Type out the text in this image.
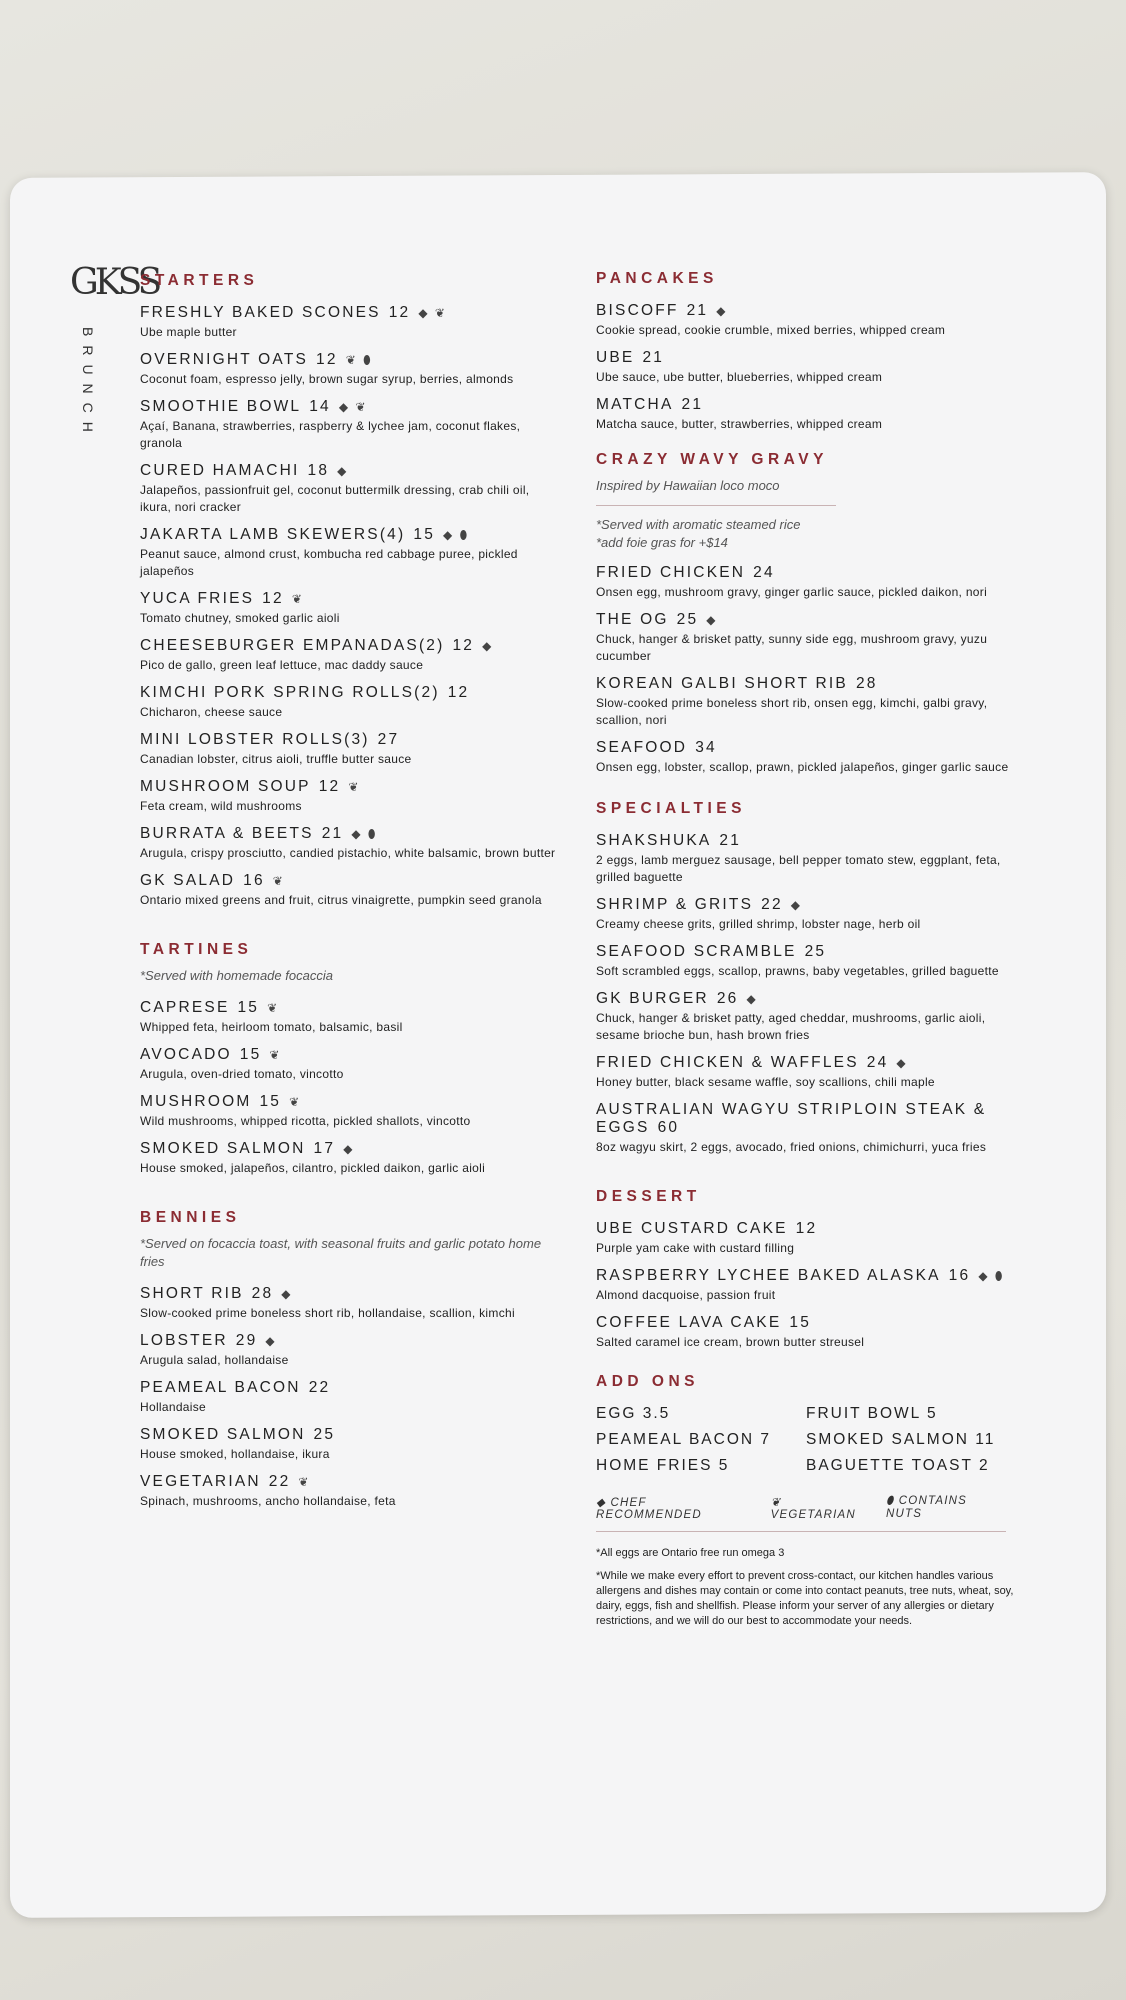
GKSS
BRUNCH
STARTERS
FRESHLY BAKED SCONES 12 ◆ ❦
Ube maple butter
OVERNIGHT OATS 12 ❦ ⬮
Coconut foam, espresso jelly, brown sugar syrup, berries, almonds
SMOOTHIE BOWL 14 ◆ ❦
Açaí, Banana, strawberries, raspberry & lychee jam, coconut flakes, granola
CURED HAMACHI 18 ◆
Jalapeños, passionfruit gel, coconut buttermilk dressing, crab chili oil, ikura, nori cracker
JAKARTA LAMB SKEWERS(4) 15 ◆ ⬮
Peanut sauce, almond crust, kombucha red cabbage puree, pickled jalapeños
YUCA FRIES 12 ❦
Tomato chutney, smoked garlic aioli
CHEESEBURGER EMPANADAS(2) 12 ◆
Pico de gallo, green leaf lettuce, mac daddy sauce
KIMCHI PORK SPRING ROLLS(2) 12
Chicharon, cheese sauce
MINI LOBSTER ROLLS(3) 27
Canadian lobster, citrus aioli, truffle butter sauce
MUSHROOM SOUP 12 ❦
Feta cream, wild mushrooms
BURRATA & BEETS 21 ◆ ⬮
Arugula, crispy prosciutto, candied pistachio, white balsamic, brown butter
GK SALAD 16 ❦
Ontario mixed greens and fruit, citrus vinaigrette, pumpkin seed granola
TARTINES
*Served with homemade focaccia
CAPRESE 15 ❦
Whipped feta, heirloom tomato, balsamic, basil
AVOCADO 15 ❦
Arugula, oven-dried tomato, vincotto
MUSHROOM 15 ❦
Wild mushrooms, whipped ricotta, pickled shallots, vincotto
SMOKED SALMON 17 ◆
House smoked, jalapeños, cilantro, pickled daikon, garlic aioli
BENNIES
*Served on focaccia toast, with seasonal fruits and garlic potato home fries
SHORT RIB 28 ◆
Slow-cooked prime boneless short rib, hollandaise, scallion, kimchi
LOBSTER 29 ◆
Arugula salad, hollandaise
PEAMEAL BACON 22
Hollandaise
SMOKED SALMON 25
House smoked, hollandaise, ikura
VEGETARIAN 22 ❦
Spinach, mushrooms, ancho hollandaise, feta
PANCAKES
BISCOFF 21 ◆
Cookie spread, cookie crumble, mixed berries, whipped cream
UBE 21
Ube sauce, ube butter, blueberries, whipped cream
MATCHA 21
Matcha sauce, butter, strawberries, whipped cream
CRAZY WAVY GRAVY
Inspired by Hawaiian loco moco
*Served with aromatic steamed rice
*add foie gras for +$14
FRIED CHICKEN 24
Onsen egg, mushroom gravy, ginger garlic sauce, pickled daikon, nori
THE OG 25 ◆
Chuck, hanger & brisket patty, sunny side egg, mushroom gravy, yuzu cucumber
KOREAN GALBI SHORT RIB 28
Slow-cooked prime boneless short rib, onsen egg, kimchi, galbi gravy, scallion, nori
SEAFOOD 34
Onsen egg, lobster, scallop, prawn, pickled jalapeños, ginger garlic sauce
SPECIALTIES
SHAKSHUKA 21
2 eggs, lamb merguez sausage, bell pepper tomato stew, eggplant, feta, grilled baguette
SHRIMP & GRITS 22 ◆
Creamy cheese grits, grilled shrimp, lobster nage, herb oil
SEAFOOD SCRAMBLE 25
Soft scrambled eggs, scallop, prawns, baby vegetables, grilled baguette
GK BURGER 26 ◆
Chuck, hanger & brisket patty, aged cheddar, mushrooms, garlic aioli, sesame brioche bun, hash brown fries
FRIED CHICKEN & WAFFLES 24 ◆
Honey butter, black sesame waffle, soy scallions, chili maple
AUSTRALIAN WAGYU STRIPLOIN STEAK & EGGS 60
8oz wagyu skirt, 2 eggs, avocado, fried onions, chimichurri, yuca fries
DESSERT
UBE CUSTARD CAKE 12
Purple yam cake with custard filling
RASPBERRY LYCHEE BAKED ALASKA 16 ◆ ⬮
Almond dacquoise, passion fruit
COFFEE LAVA CAKE 15
Salted caramel ice cream, brown butter streusel
ADD ONS
EGG 3.5	FRUIT BOWL 5
PEAMEAL BACON 7	SMOKED SALMON 11
HOME FRIES 5	BAGUETTE TOAST 2
◆ CHEF RECOMMENDED
❦ VEGETARIAN
⬮ CONTAINS NUTS
*All eggs are Ontario free run omega 3
*While we make every effort to prevent cross-contact, our kitchen handles various allergens and dishes may contain or come into contact peanuts, tree nuts, wheat, soy, dairy, eggs, fish and shellfish. Please inform your server of any allergies or dietary restrictions, and we will do our best to accommodate your needs.
